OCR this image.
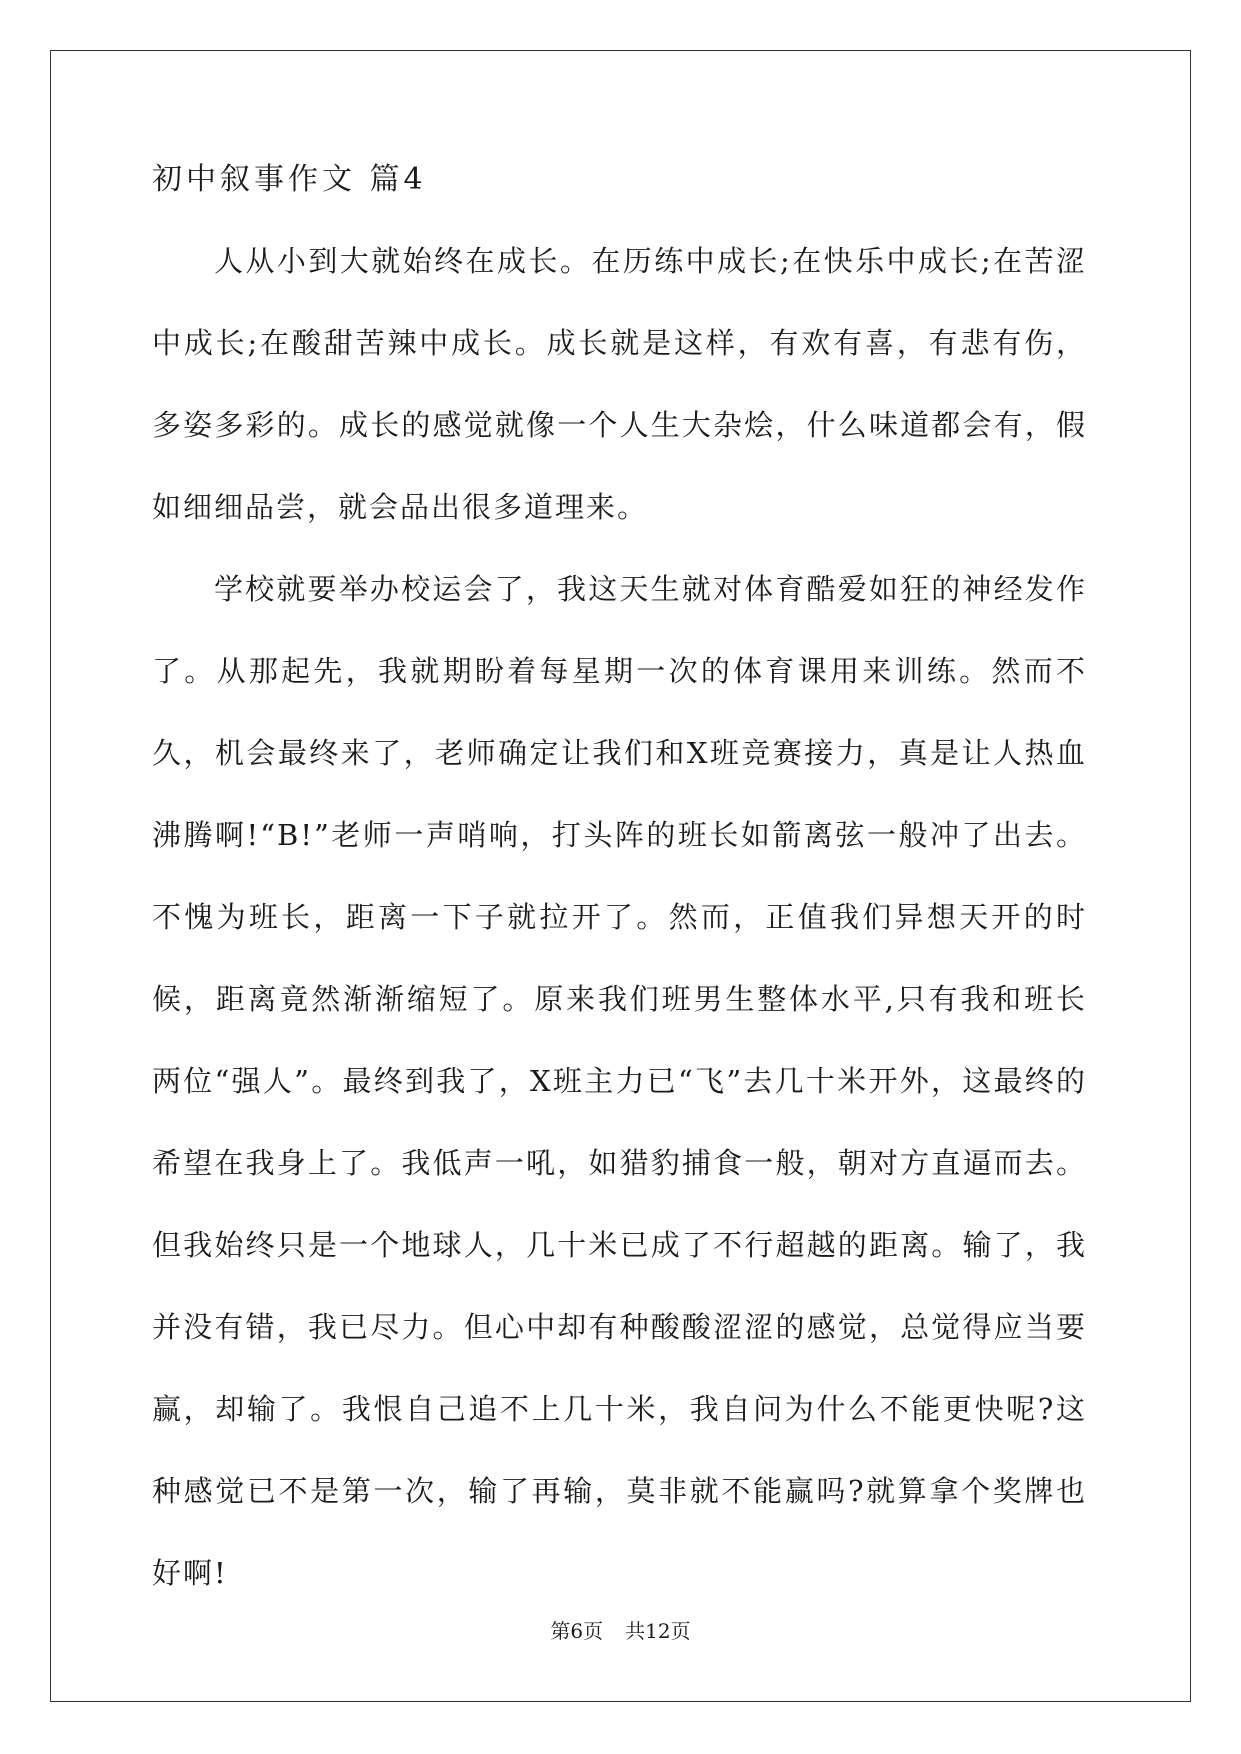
初中叙事作文 篇4

人从小到大就始终在成长。在历练中成长;在快乐中成长;在苦涩中成长;在酸甜苦辣中成长。成长就是这样，有欢有喜，有悲有伤，多姿多彩的。成长的感觉就像一个人生大杂烩，什么味道都会有，假如细细品尝，就会品出很多道理来。

学校就要举办校运会了，我这天生就对体育酷爱如狂的神经发作了。从那起先，我就期盼着每星期一次的体育课用来训练。然而不久，机会最终来了，老师确定让我们和X班竞赛接力，真是让人热血沸腾啊!“B!”老师一声哨响，打头阵的班长如箭离弦一般冲了出去。不愧为班长，距离一下子就拉开了。然而，正值我们异想天开的时候，距离竟然渐渐缩短了。原来我们班男生整体水平,只有我和班长两位“强人”。最终到我了，X班主力已“飞”去几十米开外，这最终的希望在我身上了。我低声一吼，如猎豹捕食一般，朝对方直逼而去。但我始终只是一个地球人，几十米已成了不行超越的距离。输了，我并没有错，我已尽力。但心中却有种酸酸涩涩的感觉，总觉得应当要赢，却输了。我恨自己追不上几十米，我自问为什么不能更快呢?这种感觉已不是第一次，输了再输，莫非就不能赢吗?就算拿个奖牌也好啊!

第6页 共12页
